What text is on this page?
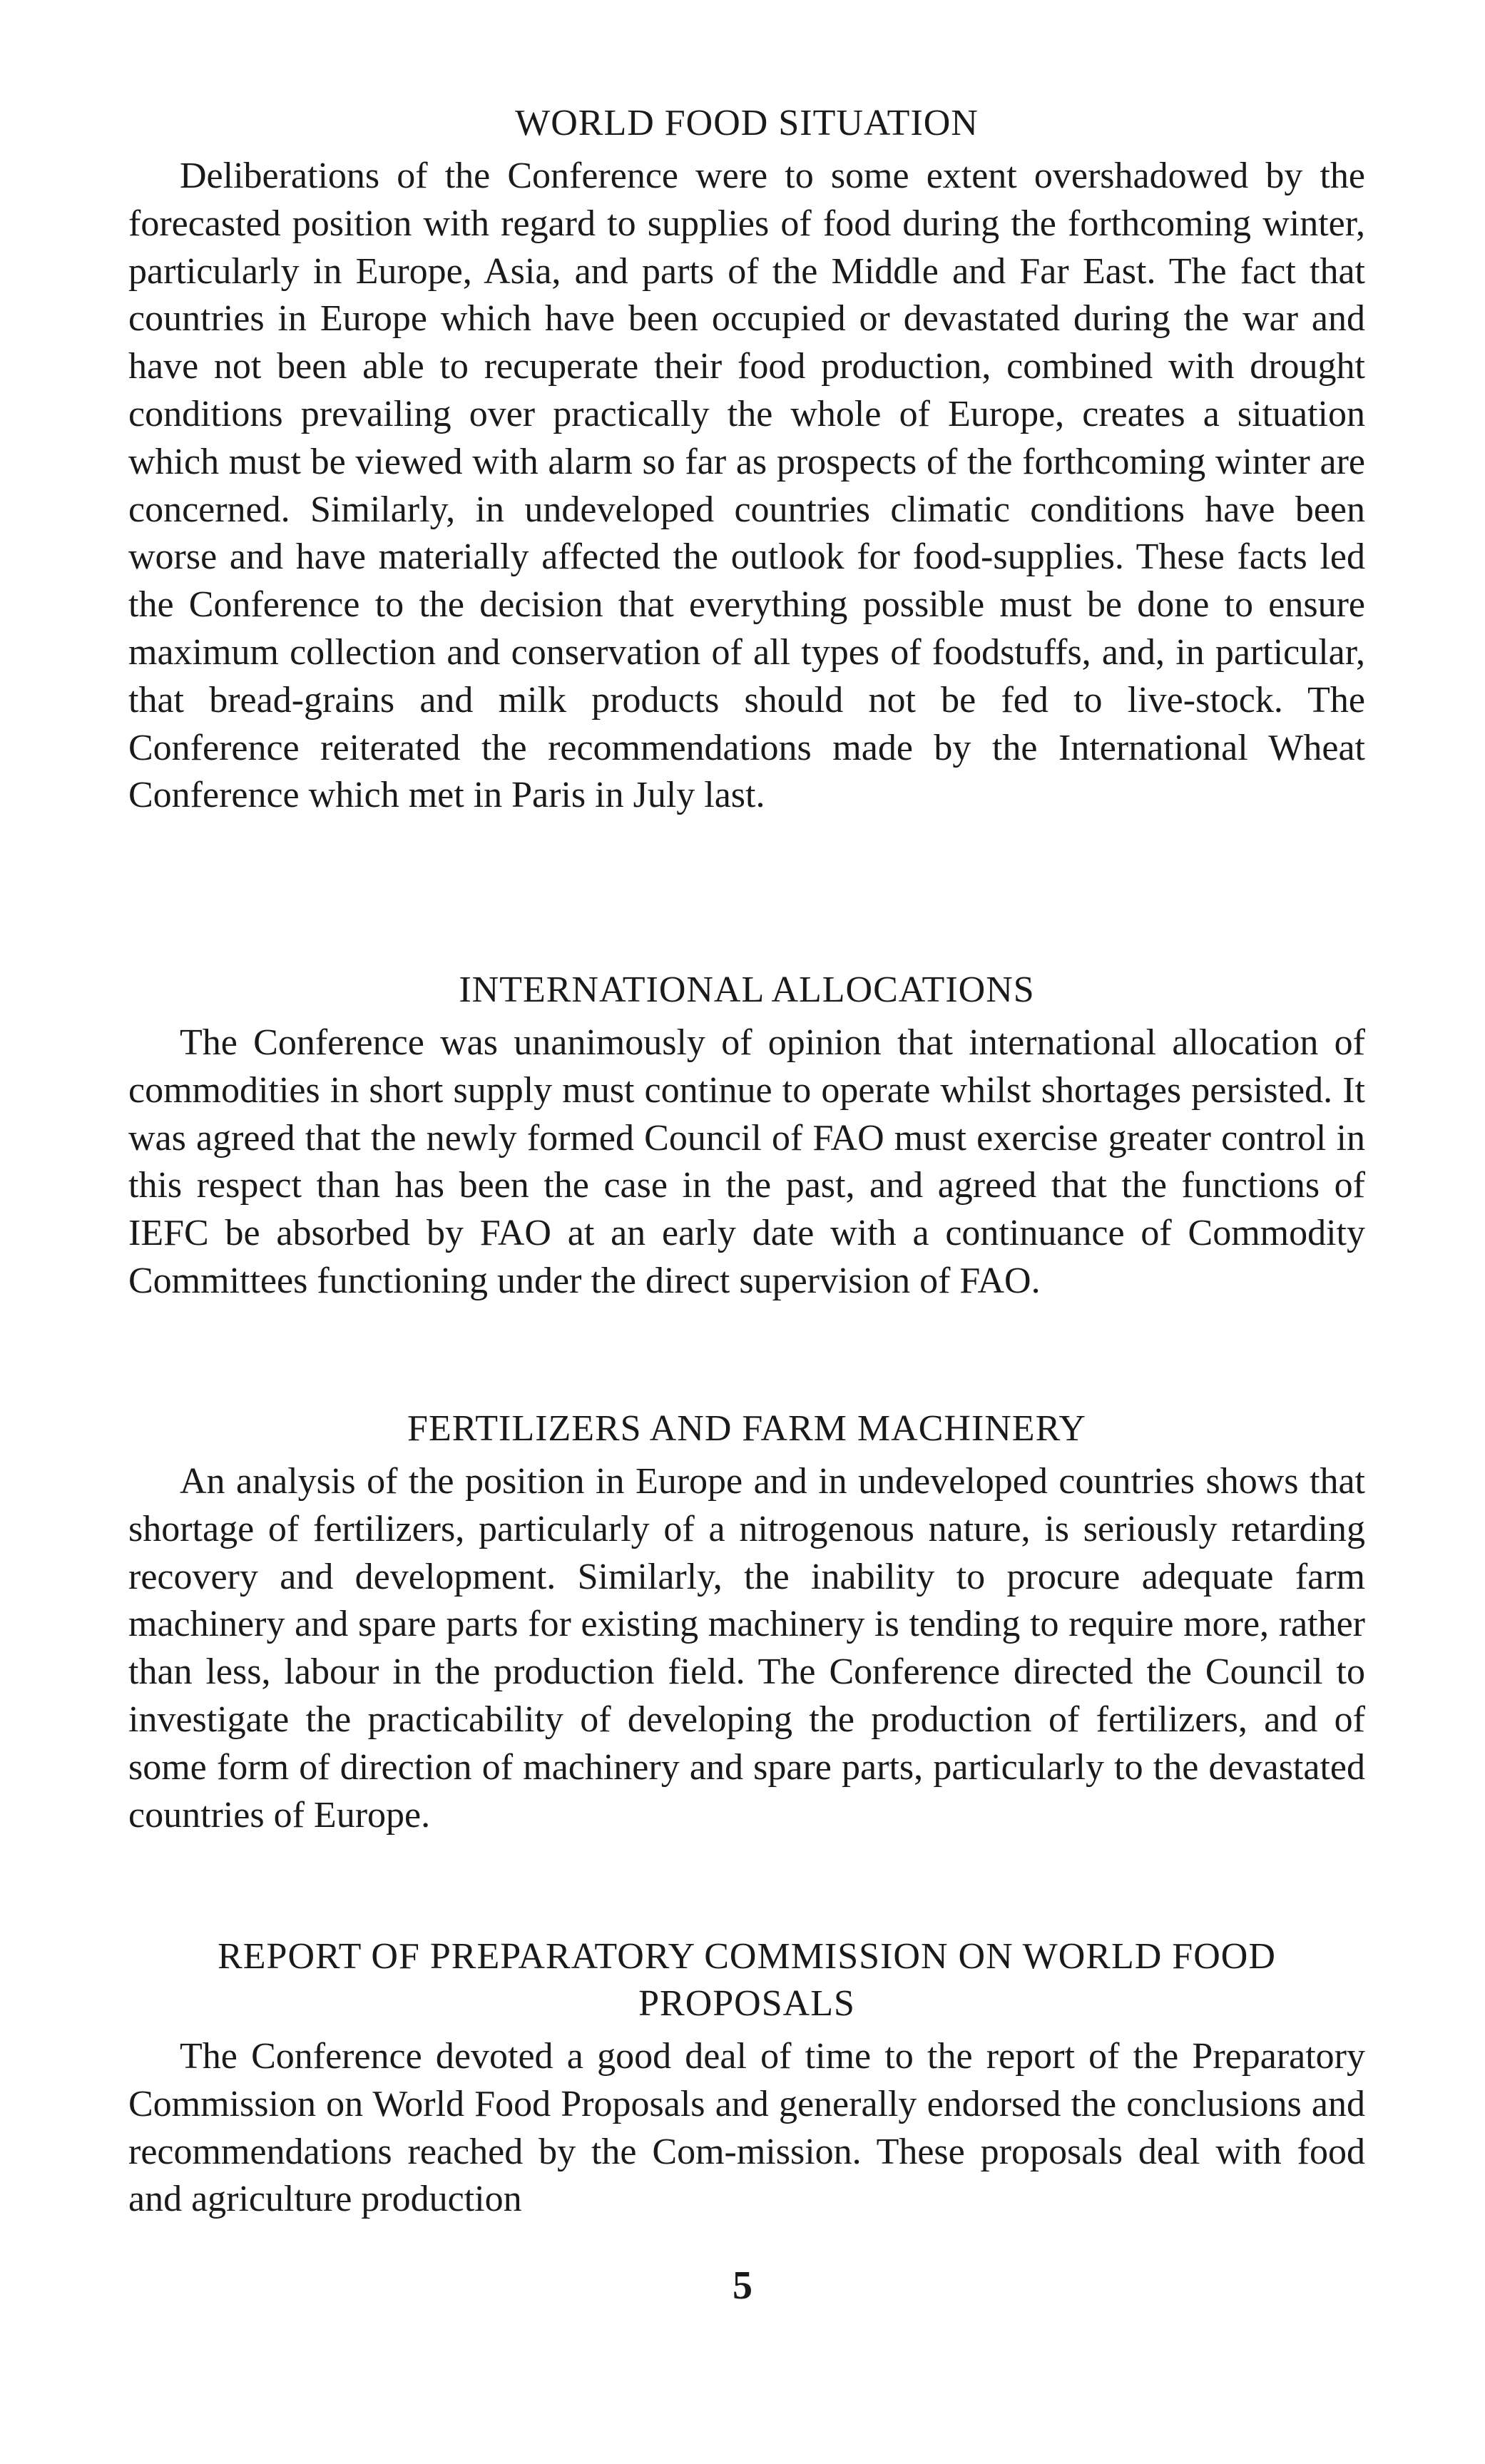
WORLD FOOD SITUATION

Deliberations of the Conference were to some extent overshadowed by the forecasted position with regard to supplies of food during the forthcoming winter, particularly in Europe, Asia, and parts of the Middle and Far East. The fact that countries in Europe which have been occupied or devastated during the war and have not been able to recuperate their food production, combined with drought conditions prevailing over practically the whole of Europe, creates a situation which must be viewed with alarm so far as prospects of the forthcoming winter are concerned. Similarly, in undeveloped countries climatic conditions have been worse and have materially affected the outlook for food-supplies. These facts led the Conference to the decision that everything possible must be done to ensure maximum collection and conservation of all types of foodstuffs, and, in particular, that bread-grains and milk products should not be fed to live-stock. The Conference reiterated the recommendations made by the International Wheat Conference which met in Paris in July last.

INTERNATIONAL ALLOCATIONS

The Conference was unanimously of opinion that international allocation of commodities in short supply must continue to operate whilst shortages persisted. It was agreed that the newly formed Council of FAO must exercise greater control in this respect than has been the case in the past, and agreed that the functions of IEFC be absorbed by FAO at an early date with a continuance of Commodity Committees functioning under the direct supervision of FAO.

FERTILIZERS AND FARM MACHINERY

An analysis of the position in Europe and in undeveloped countries shows that shortage of fertilizers, particularly of a nitrogenous nature, is seriously retarding recovery and development. Similarly, the inability to procure adequate farm machinery and spare parts for existing machinery is tending to require more, rather than less, labour in the production field. The Conference directed the Council to investigate the practicability of developing the production of fertilizers, and of some form of direction of machinery and spare parts, particularly to the devastated countries of Europe.

REPORT OF PREPARATORY COMMISSION ON WORLD FOOD PROPOSALS

The Conference devoted a good deal of time to the report of the Preparatory Commission on World Food Proposals and generally endorsed the conclusions and recommendations reached by the Com-mission. These proposals deal with food and agriculture production

5
